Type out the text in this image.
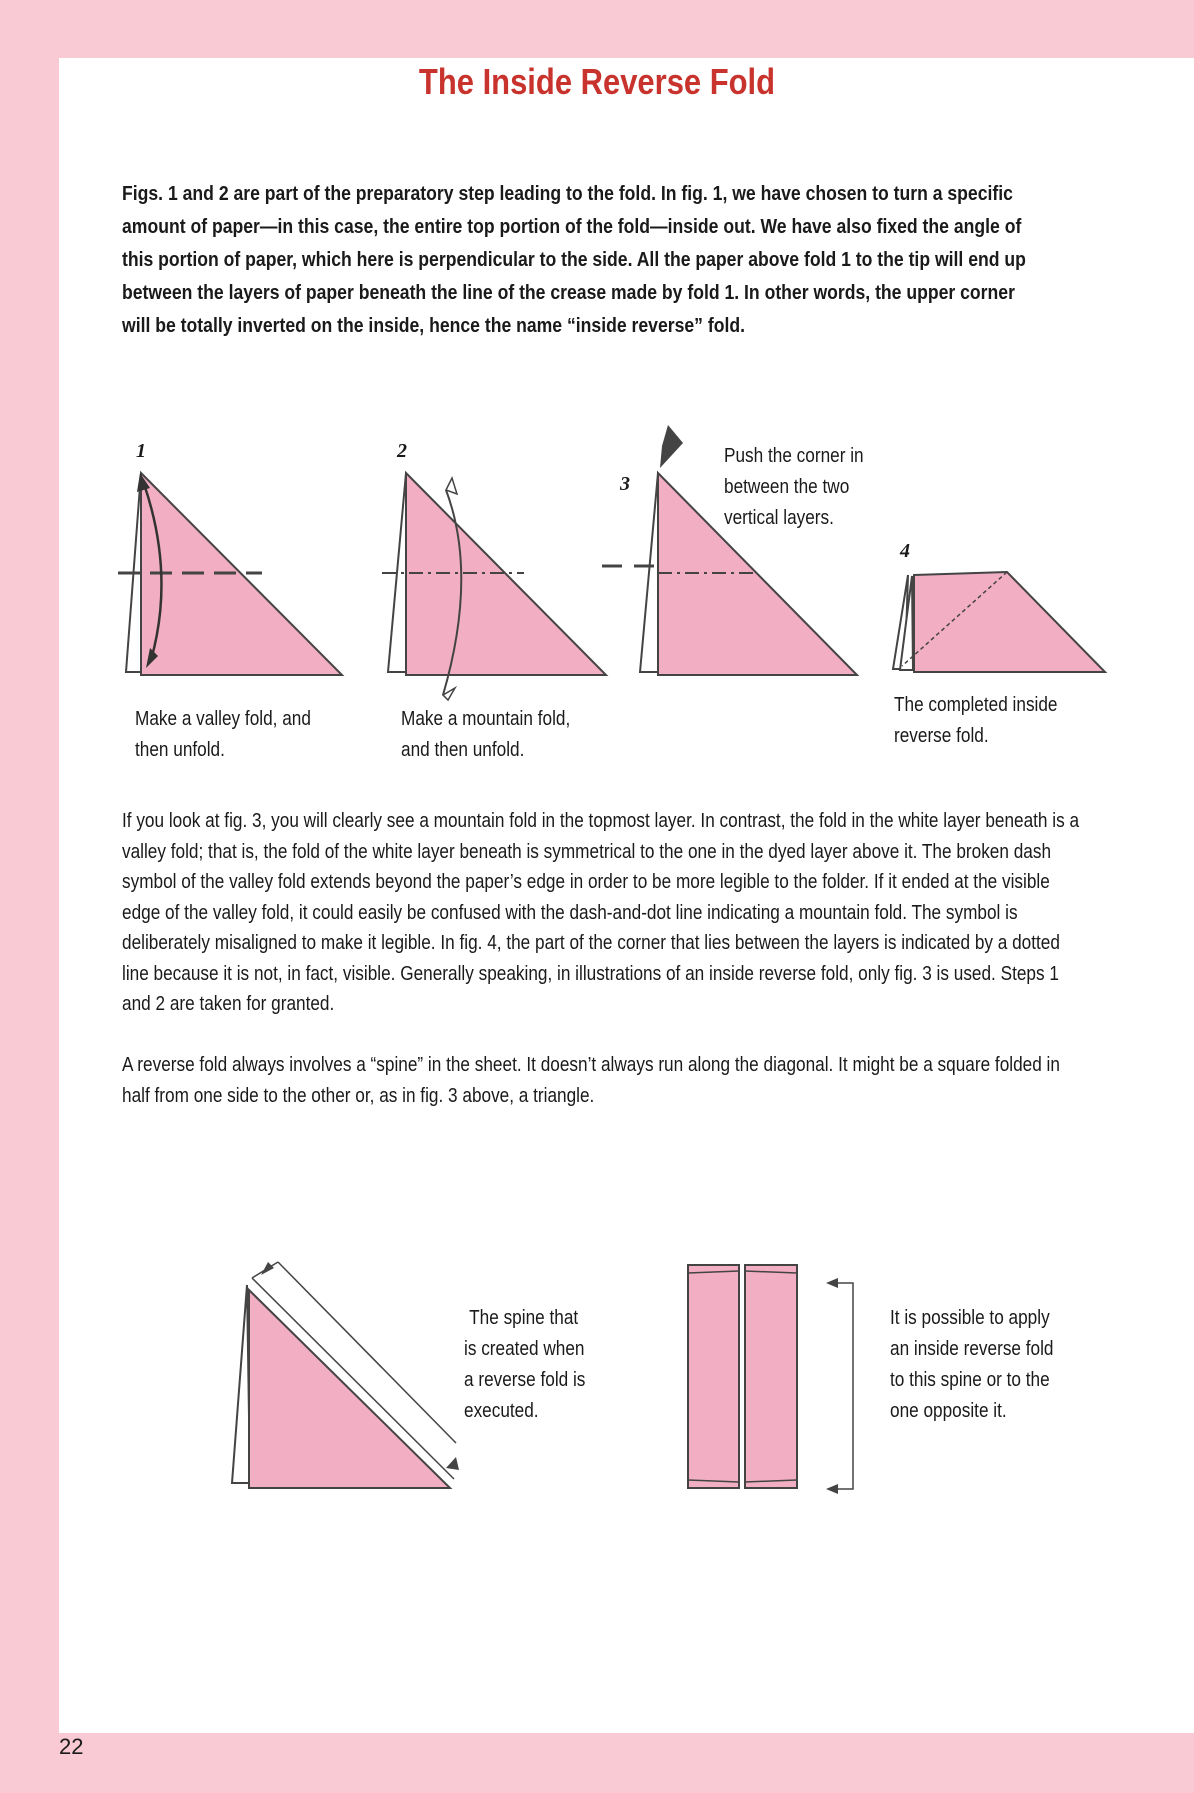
The Inside Reverse Fold
Figs. 1 and 2 are part of the preparatory step leading to the fold. In fig. 1, we have chosen to turn a specific amount of paper—in this case, the entire top portion of the fold—inside out. We have also fixed the angle of this portion of paper, which here is perpendicular to the side. All the paper above fold 1 to the tip will end up between the layers of paper beneath the line of the crease made by fold 1. In other words, the upper corner will be totally inverted on the inside, hence the name “inside reverse” fold.
1	2
3
4
Make a valley fold, and
then unfold.
Make a mountain fold,
and then unfold.
Push the corner in
between the two
vertical layers.
The completed inside
reverse fold.
If you look at fig. 3, you will clearly see a mountain fold in the topmost layer. In contrast, the fold in the white layer beneath is a valley fold; that is, the fold of the white layer beneath is symmetrical to the one in the dyed layer above it. The broken dash symbol of the valley fold extends beyond the paper’s edge in order to be more legible to the folder. If it ended at the visible edge of the valley fold, it could easily be confused with the dash-and-dot line indicating a mountain fold. The symbol is deliberately misaligned to make it legible. In fig. 4, the part of the corner that lies between the layers is indicated by a dotted line because it is not, in fact, visible. Generally speaking, in illustrations of an inside reverse fold, only fig. 3 is used. Steps 1 and 2 are taken for granted.
A reverse fold always involves a “spine” in the sheet. It doesn’t always run along the diagonal. It might be a square folded in half from one side to the other or, as in fig. 3 above, a triangle.
The spine that
is created when
a reverse fold is
executed.
It is possible to apply
an inside reverse fold
to this spine or to the
one opposite it.
22
